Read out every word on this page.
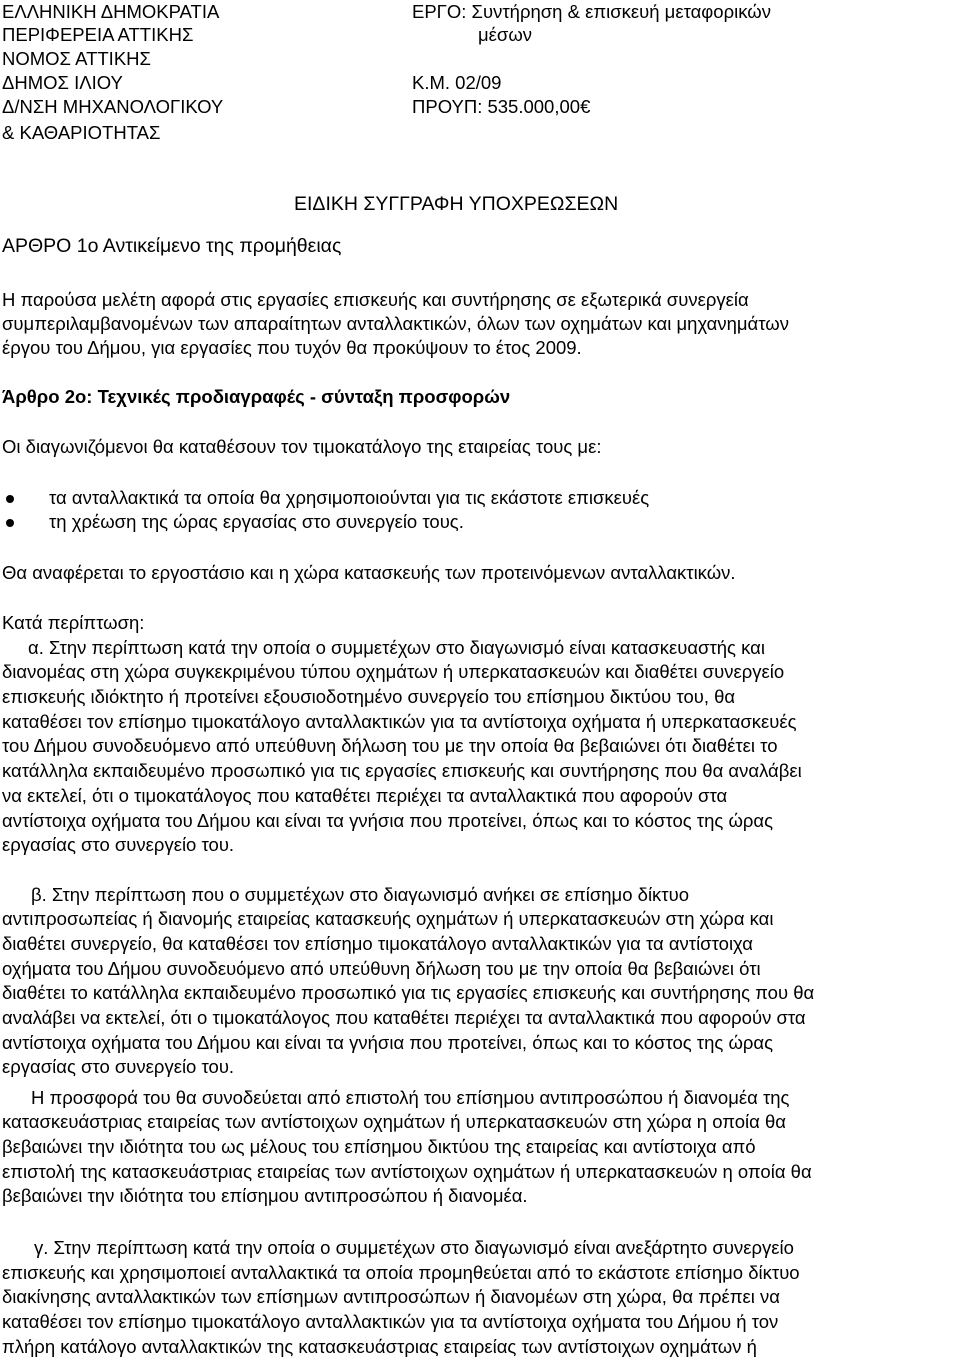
ΕΛΛΗΝΙΚΗ ΔΗΜΟΚΡΑΤΙΑ
ΠΕΡΙΦΕΡΕΙΑ ΑΤΤΙΚΗΣ
ΝΟΜΟΣ ΑΤΤΙΚΗΣ
ΔΗΜΟΣ ΙΛΙΟΥ
Δ/ΝΣΗ ΜΗΧΑΝΟΛΟΓΙΚΟΥ
& ΚΑΘΑΡΙΟΤΗΤΑΣ
ΕΡΓΟ: Συντήρηση & επισκευή μεταφορικών
μέσων
Κ.Μ. 02/09
ΠΡΟΥΠ: 535.000,00€
ΕΙΔΙΚΗ ΣΥΓΓΡΑΦΗ ΥΠΟΧΡΕΩΣΕΩΝ
ΑΡΘΡΟ 1ο Αντικείμενο της προμήθειας
Η παρούσα μελέτη αφορά στις εργασίες επισκευής και συντήρησης σε εξωτερικά συνεργεία
συμπεριλαμβανομένων των απαραίτητων ανταλλακτικών, όλων των οχημάτων και μηχανημάτων
έργου του Δήμου, για εργασίες που τυχόν θα προκύψουν το έτος 2009.
Άρθρο 2ο: Τεχνικές προδιαγραφές - σύνταξη προσφορών
Οι διαγωνιζόμενοι θα καταθέσουν τον τιμοκατάλογο της εταιρείας τους με:
τα ανταλλακτικά τα οποία θα χρησιμοποιούνται για τις εκάστοτε επισκευές
τη χρέωση της ώρας εργασίας στο συνεργείο τους.
Θα αναφέρεται το εργοστάσιο και η χώρα κατασκευής των προτεινόμενων ανταλλακτικών.
Κατά περίπτωση:
α. Στην περίπτωση κατά την οποία ο συμμετέχων στο διαγωνισμό είναι κατασκευαστής και
διανομέας στη χώρα συγκεκριμένου τύπου οχημάτων ή υπερκατασκευών και διαθέτει συνεργείο
επισκευής ιδιόκτητο ή προτείνει εξουσιοδοτημένο συνεργείο του επίσημου δικτύου του, θα
καταθέσει τον επίσημο τιμοκατάλογο ανταλλακτικών για τα αντίστοιχα οχήματα ή υπερκατασκευές
του Δήμου συνοδευόμενο από υπεύθυνη δήλωση του με την οποία θα βεβαιώνει ότι διαθέτει το
κατάλληλα εκπαιδευμένο προσωπικό για τις εργασίες επισκευής και συντήρησης που θα αναλάβει
να εκτελεί, ότι ο τιμοκατάλογος που καταθέτει περιέχει τα ανταλλακτικά που αφορούν στα
αντίστοιχα οχήματα του Δήμου και είναι τα γνήσια που προτείνει, όπως και το κόστος της ώρας
εργασίας στο συνεργείο του.
β. Στην περίπτωση που ο συμμετέχων στο διαγωνισμό ανήκει σε επίσημο δίκτυο
αντιπροσωπείας ή διανομής εταιρείας κατασκευής οχημάτων ή υπερκατασκευών στη χώρα και
διαθέτει συνεργείο, θα καταθέσει τον επίσημο τιμοκατάλογο ανταλλακτικών για τα αντίστοιχα
οχήματα του Δήμου συνοδευόμενο από υπεύθυνη δήλωση του με την οποία θα βεβαιώνει ότι
διαθέτει το κατάλληλα εκπαιδευμένο προσωπικό για τις εργασίες επισκευής και συντήρησης που θα
αναλάβει να εκτελεί, ότι ο τιμοκατάλογος που καταθέτει περιέχει τα ανταλλακτικά που αφορούν στα
αντίστοιχα οχήματα του Δήμου και είναι τα γνήσια που προτείνει, όπως και το κόστος της ώρας
εργασίας στο συνεργείο του.
Η προσφορά του θα συνοδεύεται από επιστολή του επίσημου αντιπροσώπου ή διανομέα της
κατασκευάστριας εταιρείας των αντίστοιχων οχημάτων ή υπερκατασκευών στη χώρα η οποία θα
βεβαιώνει την ιδιότητα του ως μέλους του επίσημου δικτύου της εταιρείας και αντίστοιχα από
επιστολή της κατασκευάστριας εταιρείας των αντίστοιχων οχημάτων ή υπερκατασκευών η οποία θα
βεβαιώνει την ιδιότητα του επίσημου αντιπροσώπου ή διανομέα.
γ. Στην περίπτωση κατά την οποία ο συμμετέχων στο διαγωνισμό είναι ανεξάρτητο συνεργείο
επισκευής και χρησιμοποιεί ανταλλακτικά τα οποία προμηθεύεται από το εκάστοτε επίσημο δίκτυο
διακίνησης ανταλλακτικών των επίσημων αντιπροσώπων ή διανομέων στη χώρα, θα πρέπει να
καταθέσει τον επίσημο τιμοκατάλογο ανταλλακτικών για τα αντίστοιχα οχήματα του Δήμου ή τον
πλήρη κατάλογο ανταλλακτικών της κατασκευάστριας εταιρείας των αντίστοιχων οχημάτων ή
